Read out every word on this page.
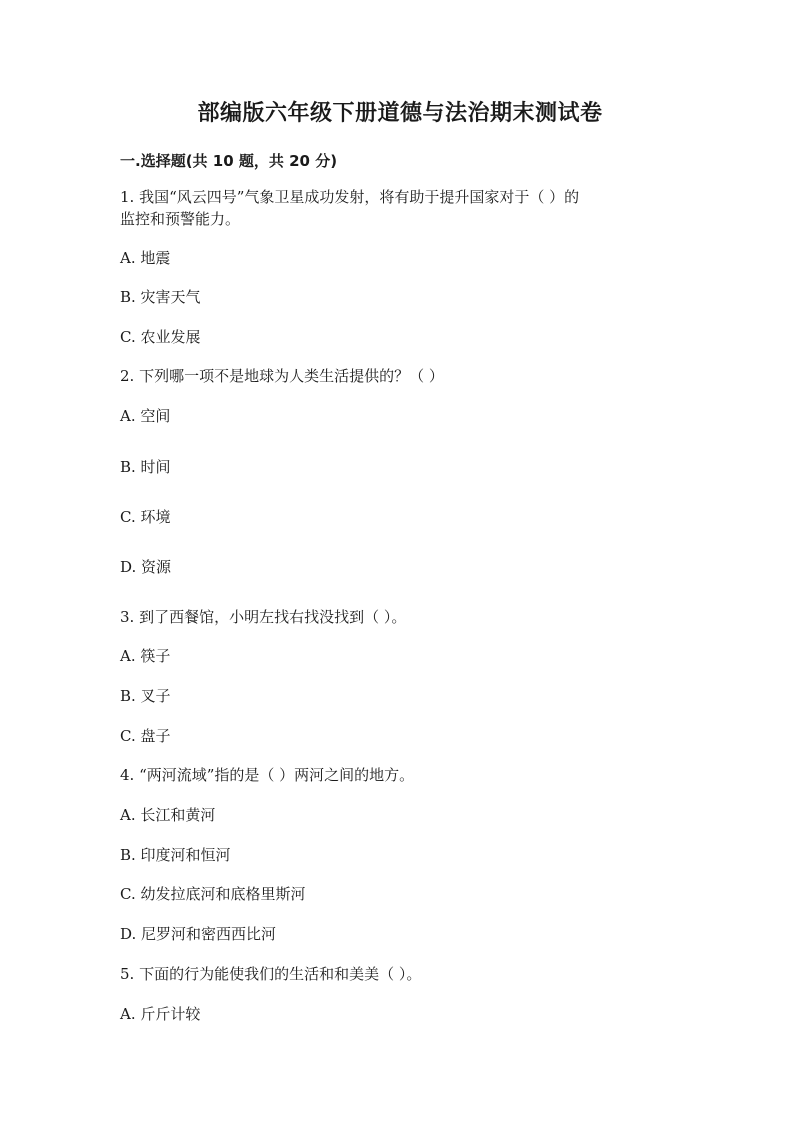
部编版六年级下册道德与法治期末测试卷
一.选择题(共 10 题，共 20 分)
1. 我国“风云四号”气象卫星成功发射，将有助于提升国家对于（ ）的
监控和预警能力。
A. 地震
B. 灾害天气
C. 农业发展
2. 下列哪一项不是地球为人类生活提供的？（ ）
A. 空间
B. 时间
C. 环境
D. 资源
3. 到了西餐馆，小明左找右找没找到（ ）。
A. 筷子
B. 叉子
C. 盘子
4. “两河流域”指的是（ ）两河之间的地方。
A. 长江和黄河
B. 印度河和恒河
C. 幼发拉底河和底格里斯河
D. 尼罗河和密西西比河
5. 下面的行为能使我们的生活和和美美（ ）。
A. 斤斤计较
